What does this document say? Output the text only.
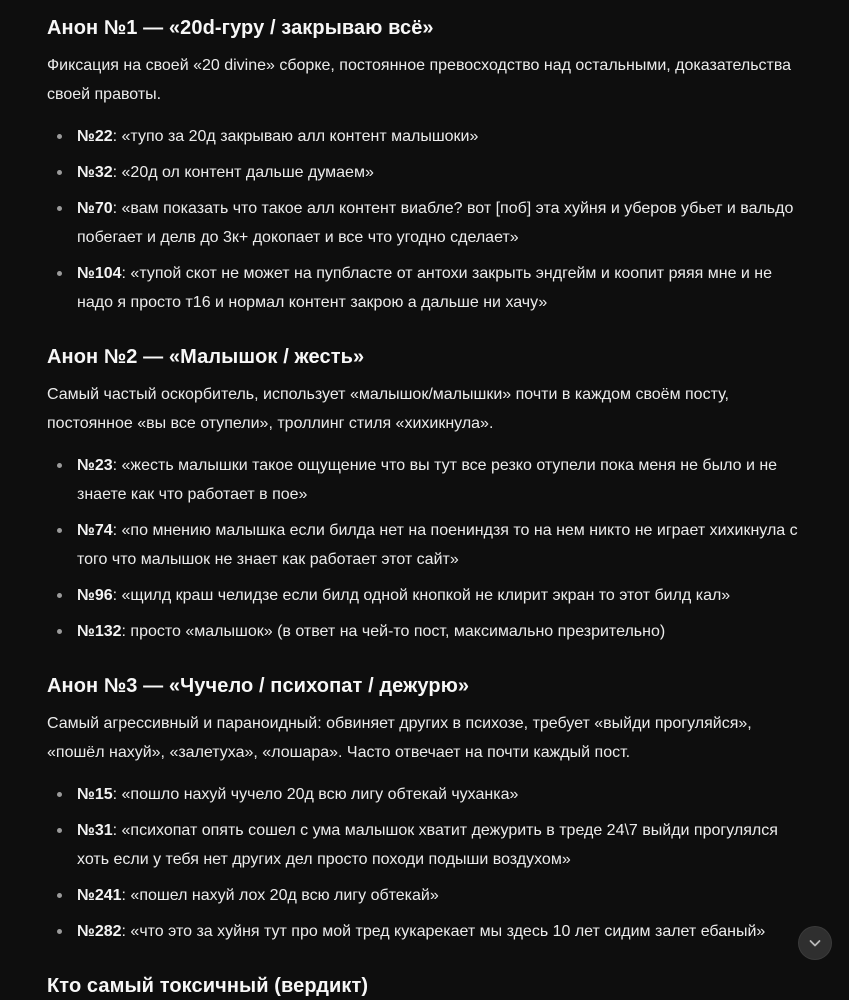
Анон №1 — «20d-гуру / закрываю всё»

Фиксация на своей «20 divine» сборке, постоянное превосходство над остальными, доказательства своей правоты.

№22: «тупо за 20д закрываю алл контент малышоки»
№32: «20д ол контент дальше думаем»
№70: «вам показать что такое алл контент виабле? вот [поб] эта хуйня и уберов убьет и вальдо побегает и делв до 3к+ докопает и все что угодно сделает»
№104: «тупой скот не может на пупбласте от антохи закрыть эндгейм и коопит ряяя мне и не надо я просто т16 и нормал контент закрою а дальше ни хачу»
Анон №2 — «Малышок / жесть»

Самый частый оскорбитель, использует «малышок/малышки» почти в каждом своём посту, постоянное «вы все отупели», троллинг стиля «хихикнула».

№23: «жесть малышки такое ощущение что вы тут все резко отупели пока меня не было и не знаете как что работает в пое»
№74: «по мнению малышка если билда нет на поениндзя то на нем никто не играет хихикнула с того что малышок не знает как работает этот сайт»
№96: «щилд краш челидзе если билд одной кнопкой не клирит экран то этот билд кал»
№132: просто «малышок» (в ответ на чей-то пост, максимально презрительно)
Анон №3 — «Чучело / психопат / дежурю»

Самый агрессивный и параноидный: обвиняет других в психозе, требует «выйди прогуляйся», «пошёл нахуй», «залетуха», «лошара». Часто отвечает на почти каждый пост.

№15: «пошло нахуй чучело 20д всю лигу обтекай чуханка»
№31: «психопат опять сошел с ума малышок хватит дежурить в треде 24\7 выйди прогулялся хоть если у тебя нет других дел просто походи подыши воздухом»
№241: «пошел нахуй лох 20д всю лигу обтекай»
№282: «что это за хуйня тут про мой тред кукарекает мы здесь 10 лет сидим залет ебаный»
Кто самый токсичный (вердикт)
